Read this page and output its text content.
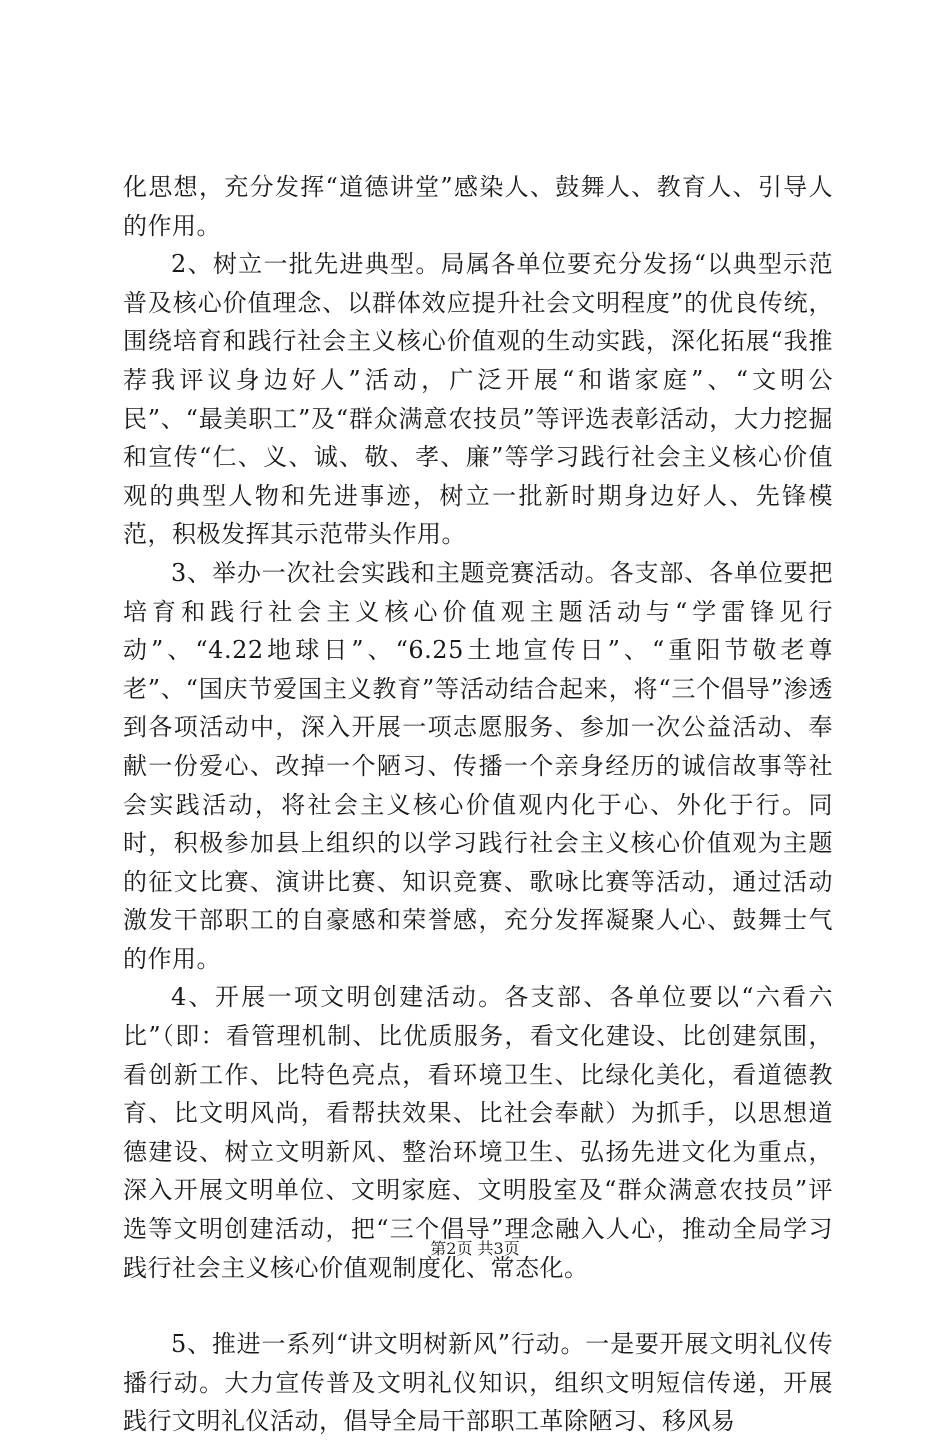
化思想，充分发挥“道德讲堂”感染人、鼓舞人、教育人、引导人的作用。

2、树立一批先进典型。局属各单位要充分发扬“以典型示范普及核心价值理念、以群体效应提升社会文明程度”的优良传统，围绕培育和践行社会主义核心价值观的生动实践，深化拓展“我推荐我评议身边好人”活动，广泛开展“和谐家庭”、“文明公民”、“最美职工”及“群众满意农技员”等评选表彰活动，大力挖掘和宣传“仁、义、诚、敬、孝、廉”等学习践行社会主义核心价值观的典型人物和先进事迹，树立一批新时期身边好人、先锋模范，积极发挥其示范带头作用。

3、举办一次社会实践和主题竞赛活动。各支部、各单位要把培育和践行社会主义核心价值观主题活动与“学雷锋见行动”、“4.22地球日”、“6.25土地宣传日”、“重阳节敬老尊老”、“国庆节爱国主义教育”等活动结合起来，将“三个倡导”渗透到各项活动中，深入开展一项志愿服务、参加一次公益活动、奉献一份爱心、改掉一个陋习、传播一个亲身经历的诚信故事等社会实践活动，将社会主义核心价值观内化于心、外化于行。同时，积极参加县上组织的以学习践行社会主义核心价值观为主题的征文比赛、演讲比赛、知识竞赛、歌咏比赛等活动，通过活动激发干部职工的自豪感和荣誉感，充分发挥凝聚人心、鼓舞士气的作用。

4、开展一项文明创建活动。各支部、各单位要以“六看六比”（即：看管理机制、比优质服务，看文化建设、比创建氛围，看创新工作、比特色亮点，看环境卫生、比绿化美化，看道德教育、比文明风尚，看帮扶效果、比社会奉献）为抓手，以思想道德建设、树立文明新风、整治环境卫生、弘扬先进文化为重点，深入开展文明单位、文明家庭、文明股室及“群众满意农技员”评选等文明创建活动，把“三个倡导”理念融入人心，推动全局学习践行社会主义核心价值观制度化、常态化。

5、推进一系列“讲文明树新风”行动。一是要开展文明礼仪传播行动。大力宣传普及文明礼仪知识，组织文明短信传递，开展践行文明礼仪活动，倡导全局干部职工革除陋习、移风易

第2页 共3页
